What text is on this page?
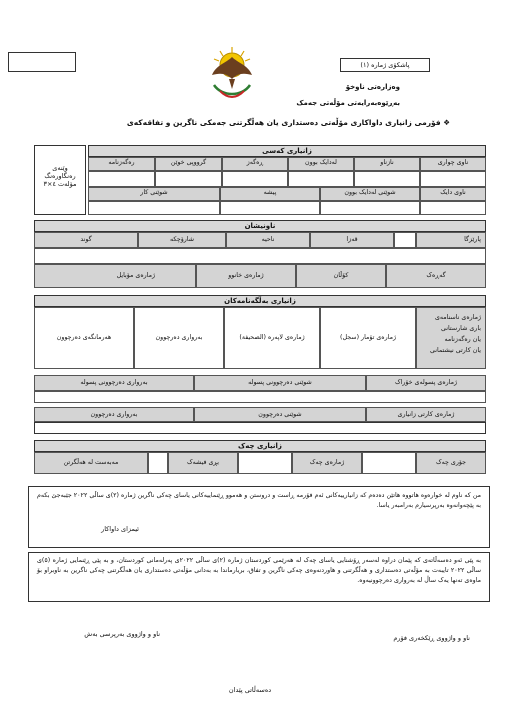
پاشکۆی ژمارە (١)
وەزارەتی ناوخۆ
بەڕێوەبەرایەتی مۆڵەتی جەمک
❖ فۆرمی زانیاری داواکاری مۆڵەتی دەستداری یان هەڵگرتنی جەمکی ناگرین و تفاقەکەی
وێنەی
رەنگاورەنگ
مۆلەت ٤×٣
زانیاری کەسی
ناوی چواری
نازناو
لەدایک بوون
ڕەگەز
گرووپی خوێن
رەگەزنامە
ناوی دایک
شوێنی لەدایک بوون
پیشە
شوێنی کار
ناونیشان
پارێزگا
قەزا
ناحیە
شارۆچکە
گوند
گەڕەک
کۆڵان
ژمارەی خانوو
ژمارەی مۆبایل
زانیاری بەڵگەنامەکان
ژمارەی ناسنامەی
باری شارستانی
یان رەگەزنامە
یان کارتی نیشتمانی
ژمارەی تۆمار (سجل)
ژمارەی لاپەرە (الصحیفة)
بەرواری دەرچوون
هەرمانگەی دەرچوون
ژمارەی پسولەی خۆراک
شوێنی دەرچوونی پسولە
بەرواری دەرچوونی پسولە
ژمارەی کارتی زانیاری
شوێنی دەرچوون
بەرواری دەرچوون
زانیاری چەک
جۆری چەک
ژمارەی چەک
بڕی فیشەک
مەبەست لە هەڵگرتن
من کە ناوم لە خوارەوە هاتووە هاتێن دەدەم کە زانیارییەکانی ئەم فۆرمە ڕاست و دروستن و هەموو ڕێنماییەکانی یاسای چەکی ناگرین ژمارە (٢)ی ساڵی ٢٠٢٢ جێبەجێ بکەم بە پێچەوانەوە بەرپرسیارم بەرامبەر یاسا.
ئیمزای داواکار
بە پێی ئەو دەسەڵاتەی کە پێمان دراوە لەسەر ڕۆشنایی یاسای چەک لە هەرێمی کوردستان ژمارە (٢)ی ساڵی ٢٠٢٢ی پەرلەمانی کوردستان، و بە پێی ڕێنمایی ژمارە (٥)ی ساڵی ٢٠٢٢ تایبەت بە مۆڵەتی دەستداری و هەڵگرتنی و هاوردنەوەی چەکی ناگرین و تفاق، بریارماندا بە بەدانی مۆڵەتی دەستداری یان هەڵگرتنی چەکی ناگرین بە ناوبراو بۆ ماوەی تەنها یەک ساڵ لە بەرواری دەرچوونیەوە.
ناو و واژووی ڕێکخەری فۆرم
ناو و واژووی بەرپرسی بەش
دەسەڵاتی پێدان
